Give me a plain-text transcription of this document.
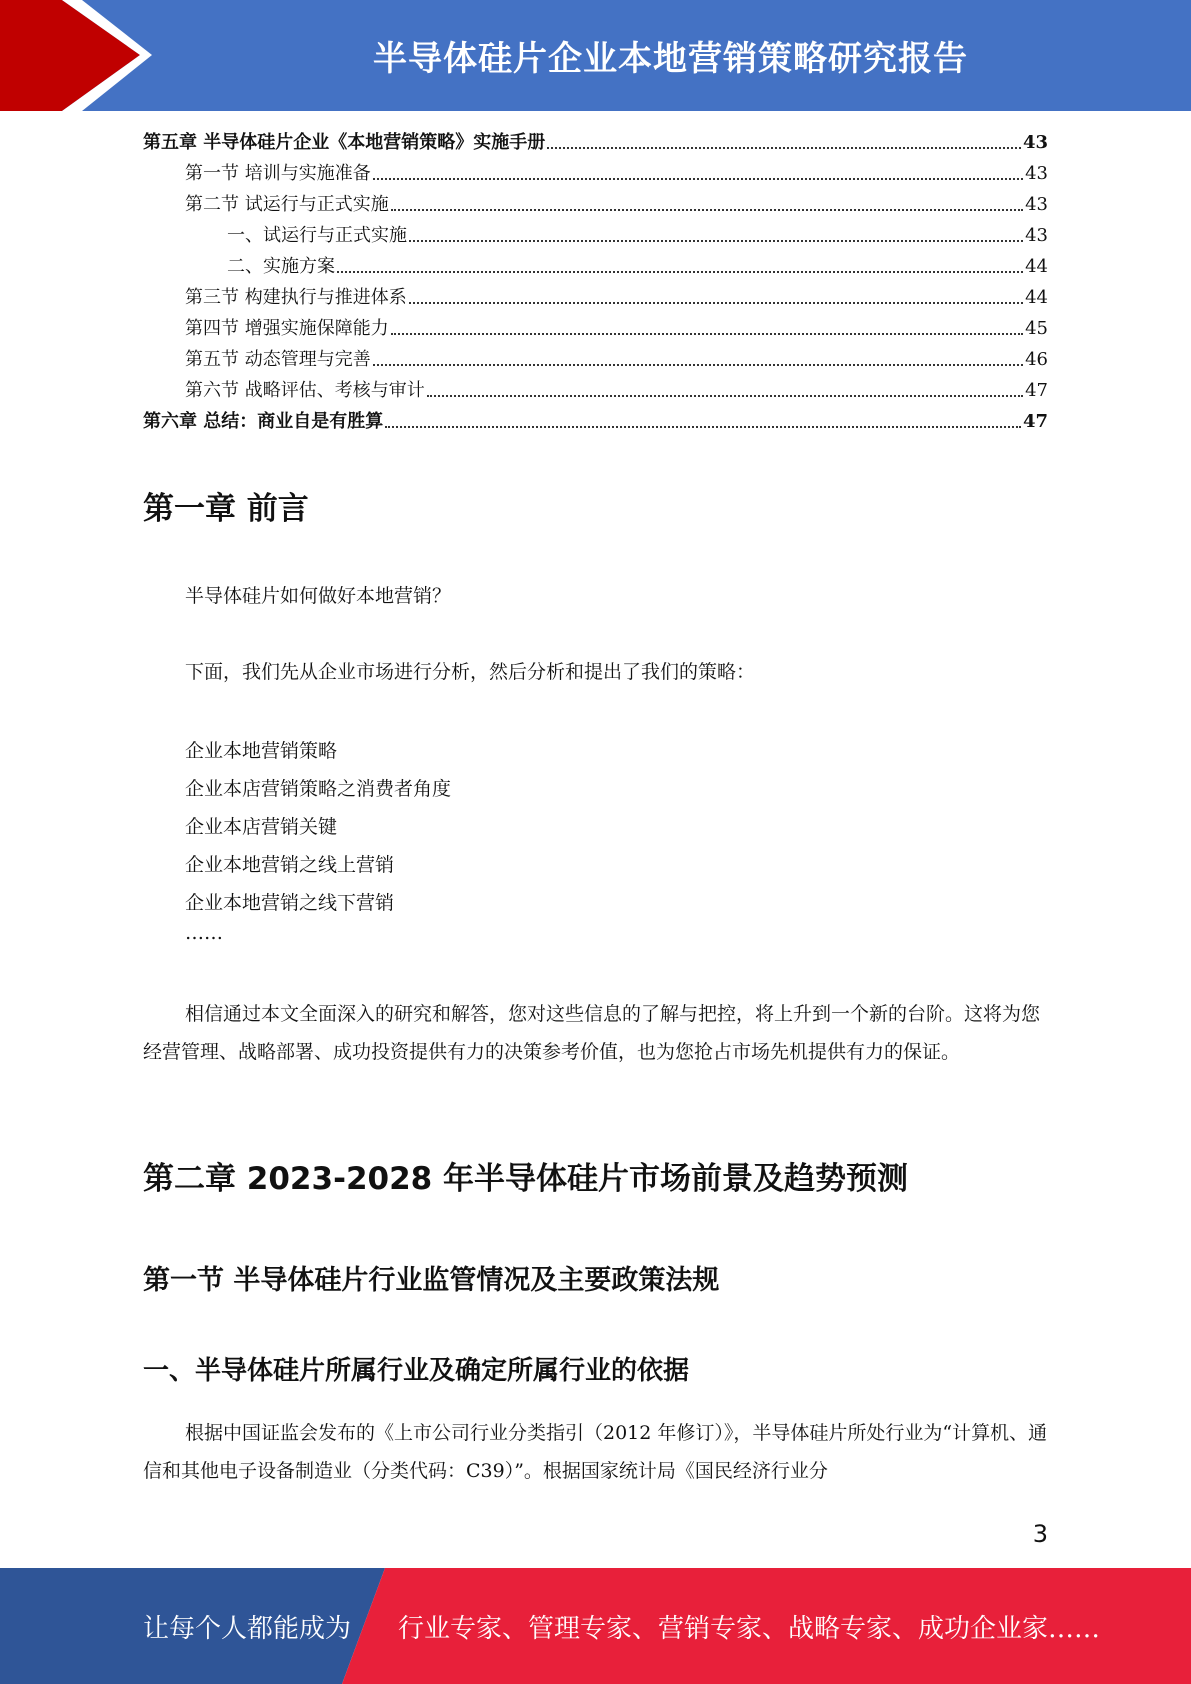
半导体硅片企业本地营销策略研究报告
第五章 半导体硅片企业《本地营销策略》实施手册	43
第一节 培训与实施准备	43
第二节 试运行与正式实施	43
一、试运行与正式实施	43
二、实施方案	44
第三节 构建执行与推进体系	44
第四节 增强实施保障能力	45
第五节 动态管理与完善	46
第六节 战略评估、考核与审计	47
第六章 总结：商业自是有胜算	47
第一章 前言

半导体硅片如何做好本地营销？

下面，我们先从企业市场进行分析，然后分析和提出了我们的策略：

企业本地营销策略

企业本店营销策略之消费者角度

企业本店营销关键

企业本地营销之线上营销

企业本地营销之线下营销

……

相信通过本文全面深入的研究和解答，您对这些信息的了解与把控，将上升到一个新的台阶。这将为您经营管理、战略部署、成功投资提供有力的决策参考价值，也为您抢占市场先机提供有力的保证。

第二章 2023-2028 年半导体硅片市场前景及趋势预测
第一节 半导体硅片行业监管情况及主要政策法规
一、半导体硅片所属行业及确定所属行业的依据

根据中国证监会发布的《上市公司行业分类指引（2012 年修订）》，半导体硅片所处行业为“计算机、通信和其他电子设备制造业（分类代码：C39）”。根据国家统计局《国民经济行业分

3
让每个人都能成为 行业专家、管理专家、营销专家、战略专家、成功企业家……
